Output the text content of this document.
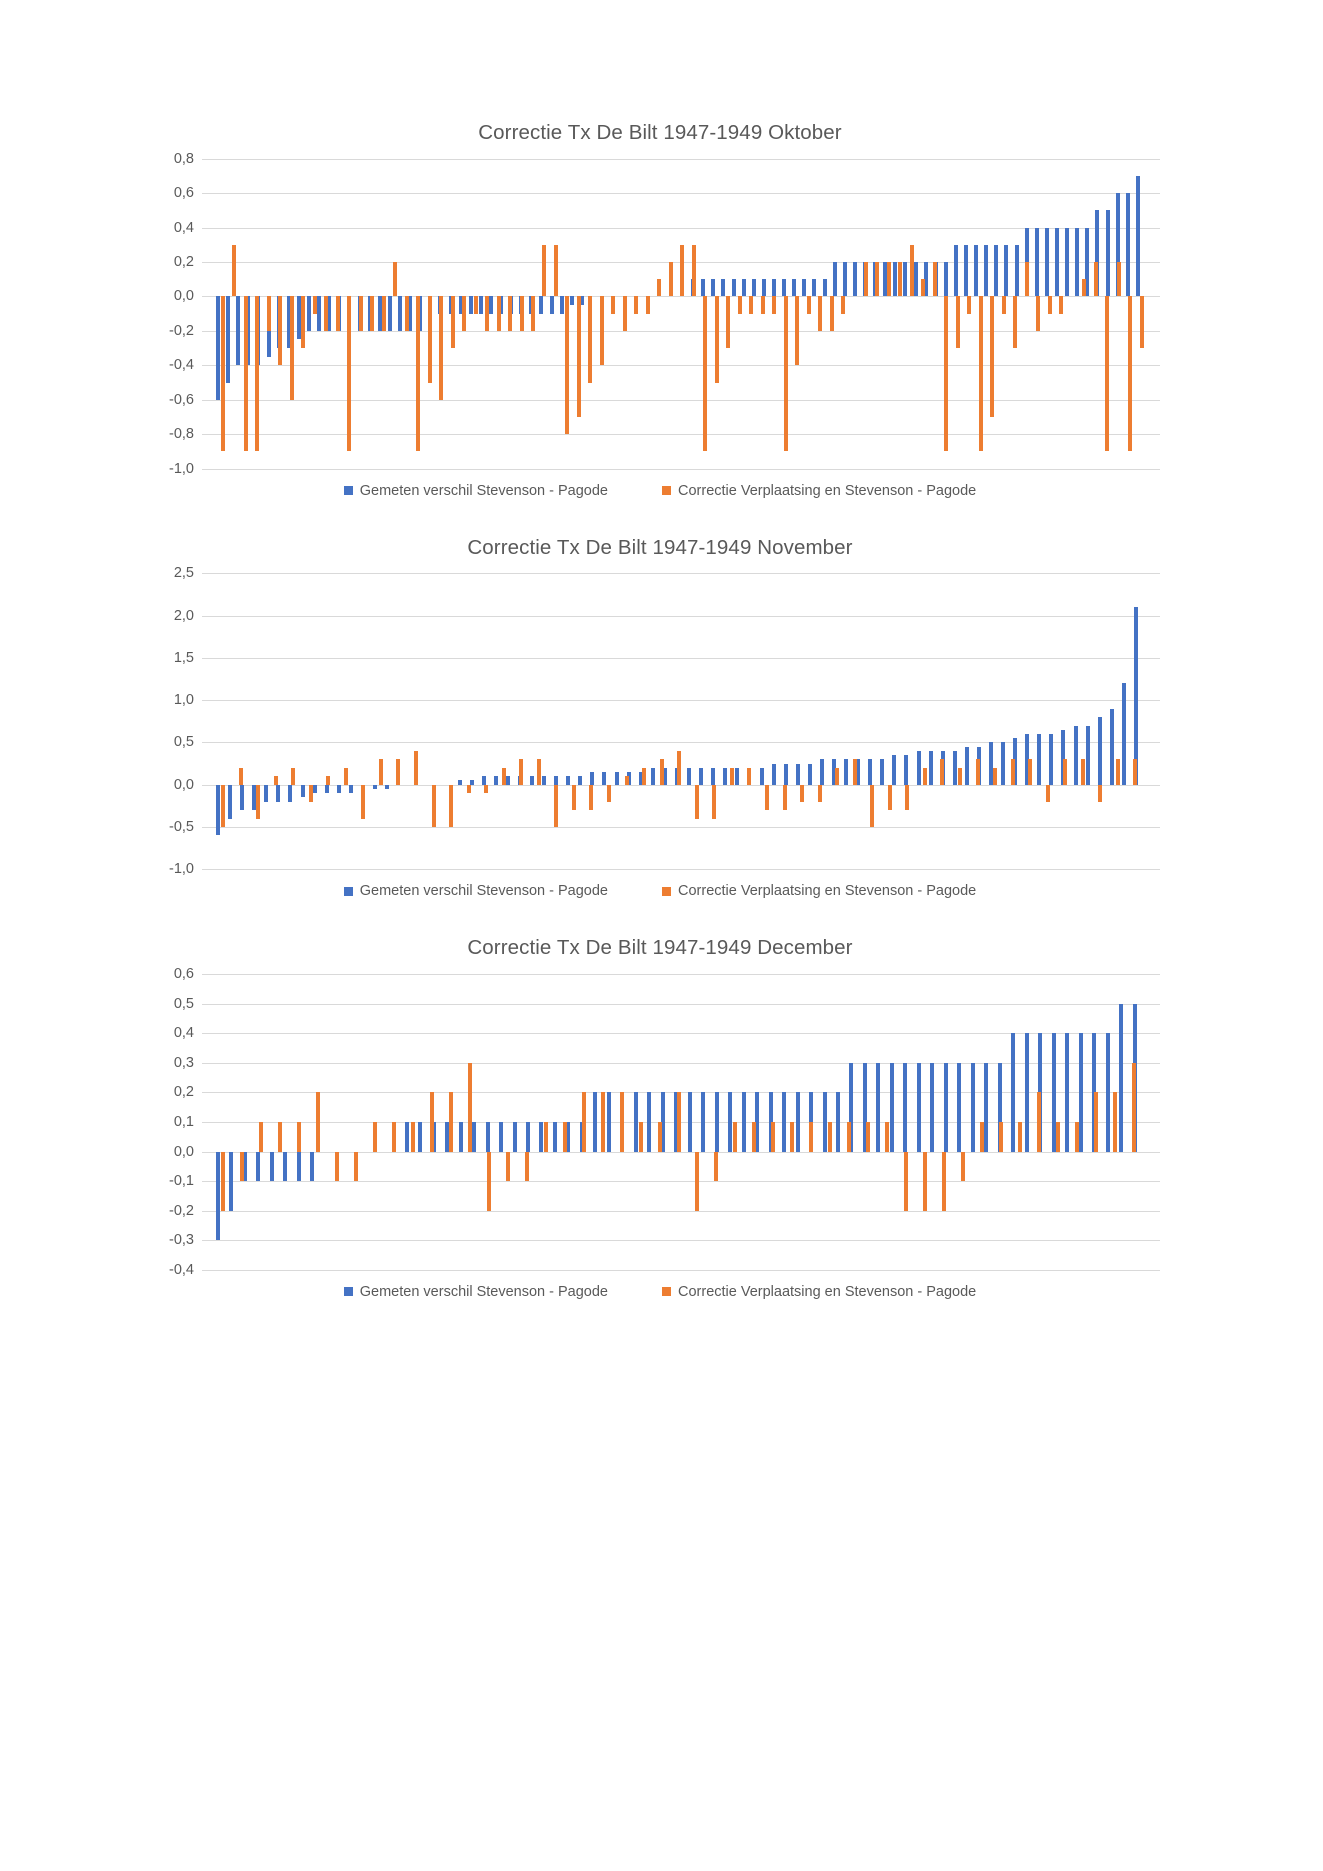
Correctie Tx De Bilt 1947-1949 Oktober
0,8
0,6
0,4
0,2
0,0
-0,2
-0,4
-0,6
-0,8
-1,0
Gemeten verschil Stevenson - Pagode	Correctie Verplaatsing en Stevenson - Pagode
Correctie Tx De Bilt 1947-1949 November
2,5
2,0
1,5
1,0
0,5
0,0
-0,5
-1,0
Gemeten verschil Stevenson - Pagode	Correctie Verplaatsing en Stevenson - Pagode
Correctie Tx De Bilt 1947-1949 December
0,6
0,5
0,4
0,3
0,2
0,1
0,0
-0,1
-0,2
-0,3
-0,4
Gemeten verschil Stevenson - Pagode	Correctie Verplaatsing en Stevenson - Pagode
